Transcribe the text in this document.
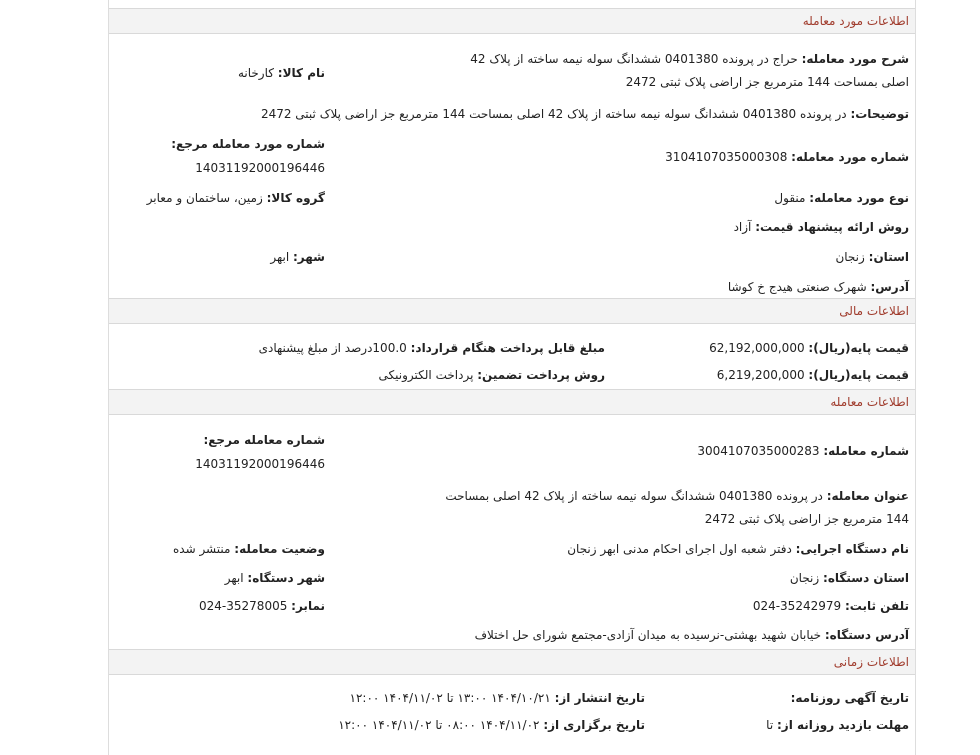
اطلاعات مورد معامله
شرح مورد معامله: حراج در پرونده 0401380 ششدانگ سوله نیمه ساخته از پلاک 42 اصلی بمساحت 144 مترمربع جز اراضی پلاک ثبتی 2472
نام کالا: کارخانه
توضیحات: در پرونده 0401380 ششدانگ سوله نیمه ساخته از پلاک 42 اصلی بمساحت 144 مترمربع جز اراضی پلاک ثبتی 2472
شماره مورد معامله مرجع:
14031192000196446
شماره مورد معامله: 3104107035000308
نوع مورد معامله: منقول
گروه کالا: زمین، ساختمان و معابر
روش ارائه پیشنهاد قیمت: آزاد
استان: زنجان
شهر: ابهر
آدرس: شهرک صنعتی هیدج خ کوشا
اطلاعات مالی
قیمت پایه(ریال): 62,192,000,000
مبلغ قابل پرداخت هنگام قرارداد: 100.0درصد از مبلغ پیشنهادی
قیمت پایه(ریال): 6,219,200,000
روش پرداخت تضمین: پرداخت الکترونیکی
اطلاعات معامله
شماره معامله: 3004107035000283
شماره معامله مرجع:
14031192000196446
عنوان معامله: در پرونده 0401380 ششدانگ سوله نیمه ساخته از پلاک 42 اصلی بمساحت 144 مترمربع جز اراضی پلاک ثبتی 2472
نام دستگاه اجرایی: دفتر شعبه اول اجرای احکام مدنی ابهر زنجان
وضعیت معامله: منتشر شده
استان دستگاه: زنجان
شهر دستگاه: ابهر
تلفن ثابت: 024-35242979
نمابر: 024-35278005
آدرس دستگاه: خیابان شهید بهشتی-نرسیده به میدان آزادی-مجتمع شورای حل اختلاف
اطلاعات زمانی
تاریخ آگهی روزنامه:
تاریخ انتشار از: ۱۴۰۴/۱۰/۲۱ ۱۳:۰۰ تا ۱۴۰۴/۱۱/۰۲ ۱۲:۰۰
مهلت بازدید روزانه از: تا
تاریخ برگزاری از: ۱۴۰۴/۱۱/۰۲ ۰۸:۰۰ تا ۱۴۰۴/۱۱/۰۲ ۱۲:۰۰
